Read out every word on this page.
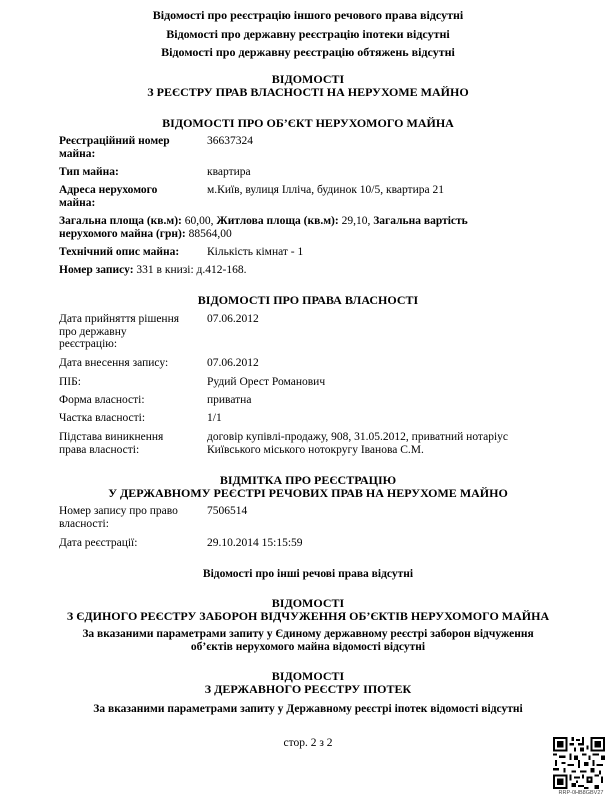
Відомості про реєстрацію іншого речового права відсутні
Відомості про державну реєстрацію іпотеки відсутні
Відомості про державну реєстрацію обтяжень відсутні
ВІДОМОСТІ
З РЕЄСТРУ ПРАВ ВЛАСНОСТІ НА НЕРУХОМЕ МАЙНО
ВІДОМОСТІ ПРО ОБ’ЄКТ НЕРУХОМОГО МАЙНА
Реєстраційний номер
майна:
36637324
Тип майна:	квартира
Адреса нерухомого
майна:
м.Київ, вулиця Ілліча, будинок 10/5, квартира 21
Загальна площа (кв.м): 60,00, Житлова площа (кв.м): 29,10, Загальна вартість
нерухомого майна (грн): 88564,00
Технічний опис майна: Кількість кімнат - 1
Номер запису: 331 в книзі: д.412-168.
ВІДОМОСТІ ПРО ПРАВА ВЛАСНОСТІ
Дата прийняття рішення
про державну
реєстрацію:
07.06.2012
Дата внесення запису:	07.06.2012
ПІБ:	Рудий Орест Романович
Форма власності:	приватна
Частка власності:	1/1
Підстава виникнення
права власності:
договір купівлі-продажу, 908, 31.05.2012, приватний нотаріус
Київського міського нотокругу Іванова С.М.
ВІДМІТКА ПРО РЕЄСТРАЦІЮ
У ДЕРЖАВНОМУ РЕЄСТРІ РЕЧОВИХ ПРАВ НА НЕРУХОМЕ МАЙНО
Номер запису про право
власності:
7506514
Дата реєстрації:	29.10.2014 15:15:59
Відомості про інші речові права відсутні
ВІДОМОСТІ
З ЄДИНОГО РЕЄСТРУ ЗАБОРОН ВІДЧУЖЕННЯ ОБ’ЄКТІВ НЕРУХОМОГО МАЙНА
За вказаними параметрами запиту у Єдиному державному реєстрі заборон відчуження
об’єктів нерухомого майна відомості відсутні
ВІДОМОСТІ
З ДЕРЖАВНОГО РЕЄСТРУ ІПОТЕК
За вказаними параметрами запиту у Державному реєстрі іпотек відомості відсутні
стор. 2 з 2
RRP-0HB8GBV27
